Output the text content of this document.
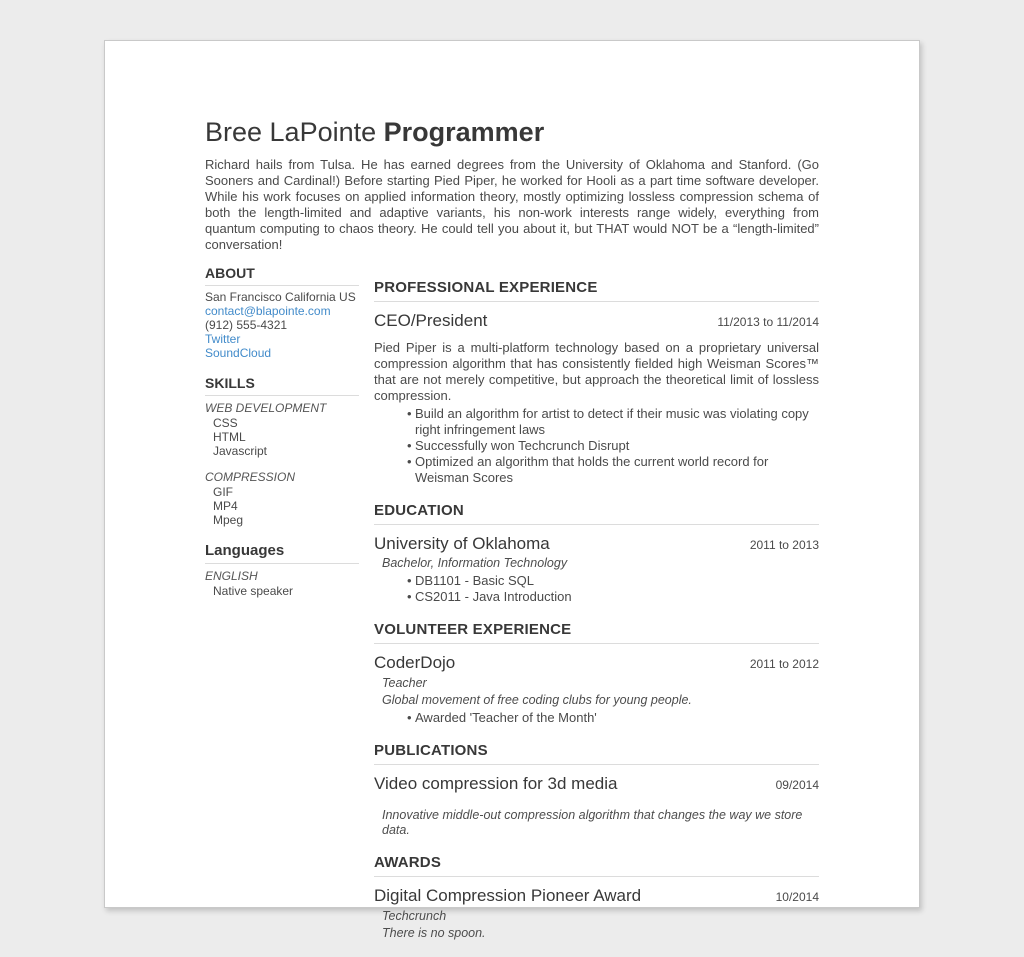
Bree LaPointe Programmer

Richard hails from Tulsa. He has earned degrees from the University of Oklahoma and Stanford. (Go Sooners and Cardinal!) Before starting Pied Piper, he worked for Hooli as a part time software developer. While his work focuses on applied information theory, mostly optimizing lossless compression schema of both the length-limited and adaptive variants, his non-work interests range widely, everything from quantum computing to chaos theory. He could tell you about it, but THAT would NOT be a “length-limited” conversation!

ABOUT
San Francisco California US
contact@blapointe.com
(912) 555-4321
Twitter
SoundCloud
SKILLS
WEB DEVELOPMENT
CSS
HTML
Javascript
COMPRESSION
GIF
MP4
Mpeg
Languages
ENGLISH
Native speaker
PROFESSIONAL EXPERIENCE
CEO/President	11/2013 to 11/2014

Pied Piper is a multi-platform technology based on a proprietary universal compression algorithm that has consistently fielded high Weisman Scores™ that are not merely competitive, but approach the theoretical limit of lossless compression.

• Build an algorithm for artist to detect if their music was violating copy right infringement laws
• Successfully won Techcrunch Disrupt
• Optimized an algorithm that holds the current world record for Weisman Scores
EDUCATION
University of Oklahoma	2011 to 2013
Bachelor, Information Technology
• DB1101 - Basic SQL
• CS2011 - Java Introduction
VOLUNTEER EXPERIENCE
CoderDojo	2011 to 2012
Teacher
Global movement of free coding clubs for young people.
• Awarded 'Teacher of the Month'
PUBLICATIONS
Video compression for 3d media	09/2014
Innovative middle-out compression algorithm that changes the way we store data.
AWARDS
Digital Compression Pioneer Award	10/2014
Techcrunch
There is no spoon.
